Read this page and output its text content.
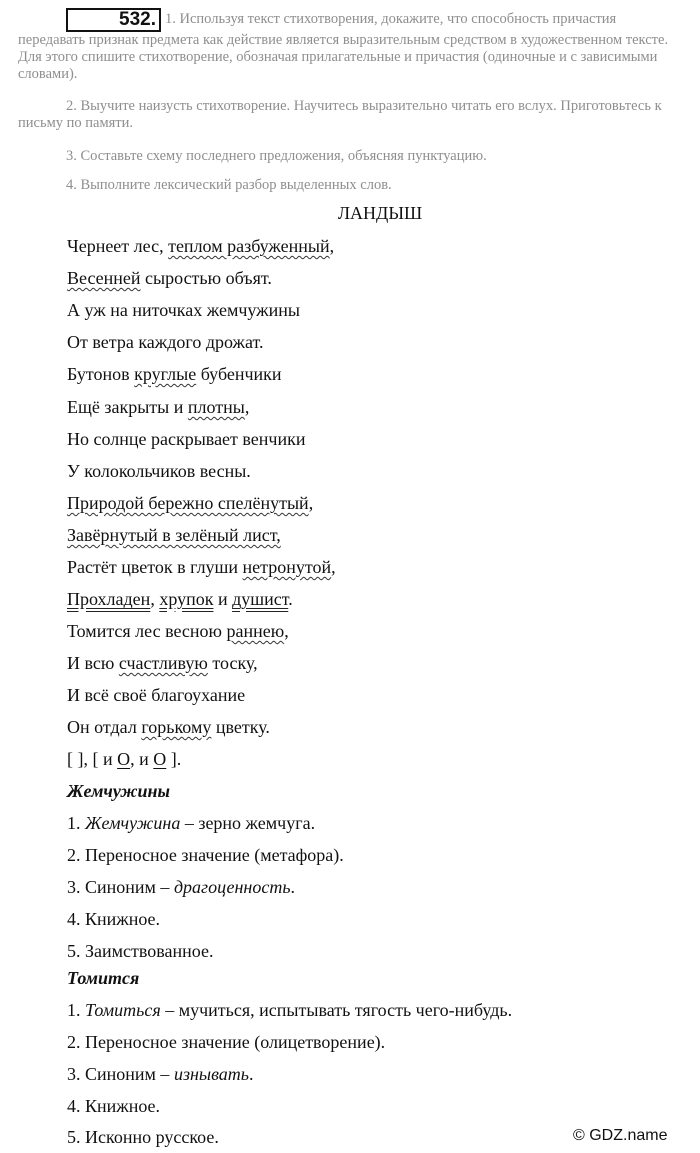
532. 1. Используя текст стихотворения, докажите, что способность причастия передавать признак предмета как действие является выразительным средством в художественном тексте. Для этого спишите стихотворение, обозначая прилагательные и причастия (одиночные и с зависимыми словами).

2. Выучите наизусть стихотворение. Научитесь выразительно читать его вслух. Приготовьтесь к письму по памяти.

3. Составьте схему последнего предложения, объясняя пунктуацию.

4. Выполните лексический разбор выделенных слов.

ЛАНДЫШ
Чернеет лес, теплом разбуженный,
Весенней сыростью объят.
А уж на ниточках жемчужины
От ветра каждого дрожат.
Бутонов круглые бубенчики
Ещё закрыты и плотны,
Но солнце раскрывает венчики
У колокольчиков весны.
Природой бережно спелёнутый,
Завёрнутый в зелёный лист,
Растёт цветок в глуши нетронутой,
Прохладен, хрупок и душист.
Томится лес весною раннею,
И всю счастливую тоску,
И всё своё благоухание
Он отдал горькому цветку.
[ ], [ и О, и О ].
Жемчужины
1. Жемчужина – зерно жемчуга.
2. Переносное значение (метафора).
3. Синоним – драгоценность.
4. Книжное.
5. Заимствованное.
Томится
1. Томиться – мучиться, испытывать тягость чего-нибудь.
2. Переносное значение (олицетворение).
3. Синоним – изнывать.
4. Книжное.
5. Исконно русское.	© GDZ.name
